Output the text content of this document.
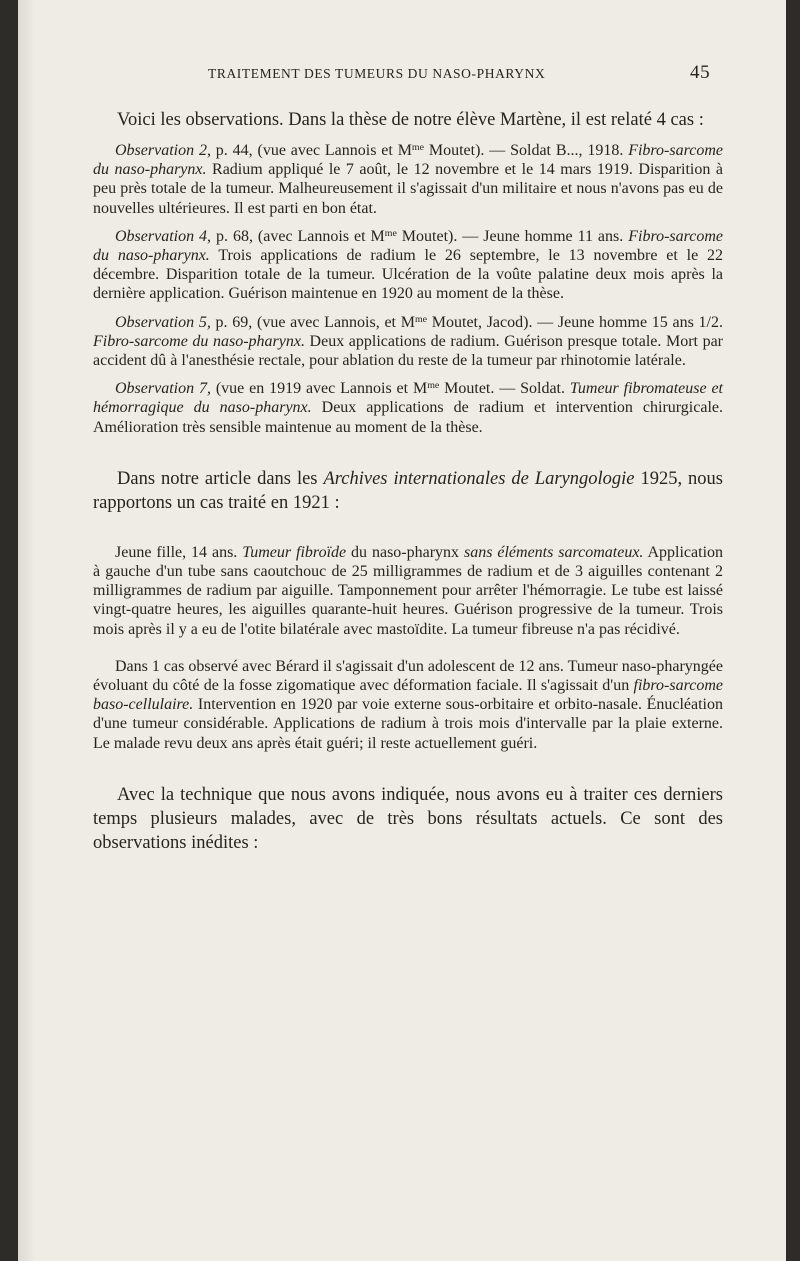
TRAITEMENT DES TUMEURS DU NASO-PHARYNX	45

Voici les observations. Dans la thèse de notre élève Martène, il est relaté 4 cas :

Observation 2, p. 44, (vue avec Lannois et $M^{me}$ Moutet). — Soldat B..., 1918. Fibro-sarcome du naso-pharynx. Radium appliqué le 7 août, le 12 novembre et le 14 mars 1919. Disparition à peu près totale de la tumeur. Malheureusement il s'agissait d'un militaire et nous n'avons pas eu de nouvelles ultérieures. Il est parti en bon état.

Observation 4, p. 68, (avec Lannois et $M^{me}$ Moutet). — Jeune homme 11 ans. Fibro-sarcome du naso-pharynx. Trois applications de radium le 26 septembre, le 13 novembre et le 22 décembre. Disparition totale de la tumeur. Ulcération de la voûte palatine deux mois après la dernière application. Guérison maintenue en 1920 au moment de la thèse.

Observation 5, p. 69, (vue avec Lannois, et $M^{me}$ Moutet, Jacod). — Jeune homme 15 ans 1/2. Fibro-sarcome du naso-pharynx. Deux applications de radium. Guérison presque totale. Mort par accident dû à l'anesthésie rectale, pour ablation du reste de la tumeur par rhinotomie latérale.

Observation 7, (vue en 1919 avec Lannois et $M^{me}$ Moutet. — Soldat. Tumeur fibromateuse et hémorragique du naso-pharynx. Deux applications de radium et intervention chirurgicale. Amélioration très sensible maintenue au moment de la thèse.

Dans notre article dans les Archives internationales de Laryngologie 1925, nous rapportons un cas traité en 1921 :

Jeune fille, 14 ans. Tumeur fibroïde du naso-pharynx sans éléments sarcomateux. Application à gauche d'un tube sans caoutchouc de 25 milligrammes de radium et de 3 aiguilles contenant 2 milligrammes de radium par aiguille. Tamponnement pour arrêter l'hémorragie. Le tube est laissé vingt-quatre heures, les aiguilles quarante-huit heures. Guérison progressive de la tumeur. Trois mois après il y a eu de l'otite bilatérale avec mastoïdite. La tumeur fibreuse n'a pas récidivé.

Dans 1 cas observé avec Bérard il s'agissait d'un adolescent de 12 ans. Tumeur naso-pharyngée évoluant du côté de la fosse zigomatique avec déformation faciale. Il s'agissait d'un fibro-sarcome baso-cellulaire. Intervention en 1920 par voie externe sous-orbitaire et orbito-nasale. Énucléation d'une tumeur considérable. Applications de radium à trois mois d'intervalle par la plaie externe. Le malade revu deux ans après était guéri; il reste actuellement guéri.

Avec la technique que nous avons indiquée, nous avons eu à traiter ces derniers temps plusieurs malades, avec de très bons résultats actuels. Ce sont des observations inédites :
